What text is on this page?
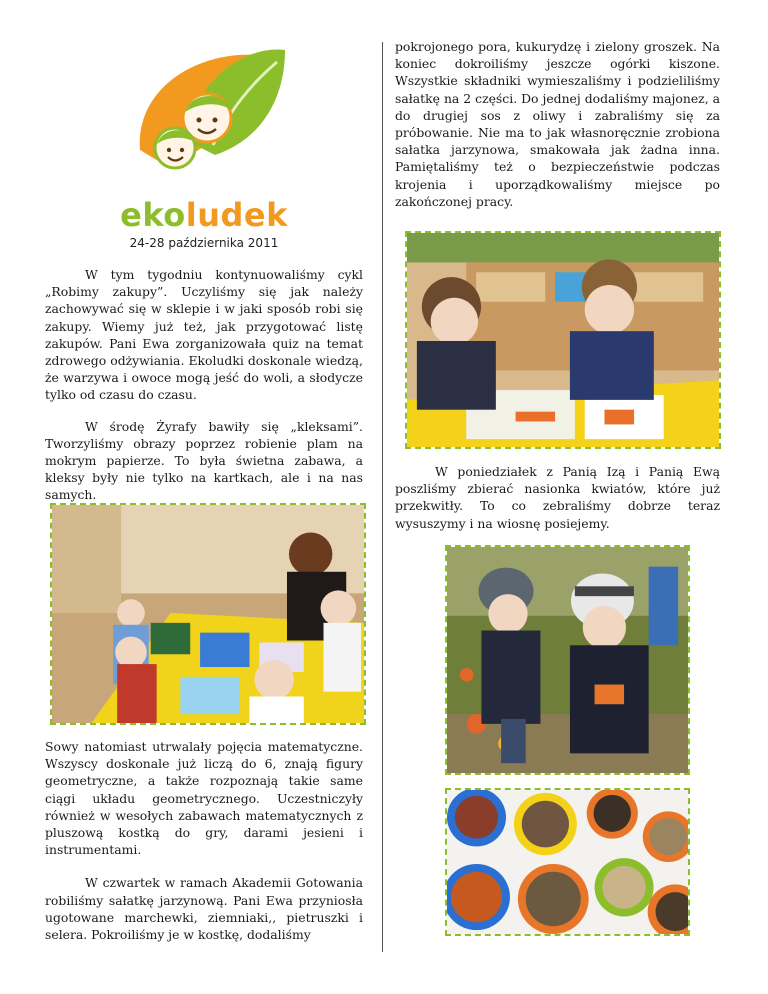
ekoludek
24-28 października 2011

W tym tygodniu kontynuowaliśmy cykl „Robimy zakupy”. Uczyliśmy się jak należy zachowywać się w sklepie i w jaki sposób robi się zakupy. Wiemy już też, jak przygotować listę zakupów. Pani Ewa zorganizowała quiz na temat zdrowego odżywiania. Ekoludki doskonale wiedzą, że warzywa i owoce mogą jeść do woli, a słodycze tylko od czasu do czasu.

W środę Żyrafy bawiły się „kleksami”. Tworzyliśmy obrazy poprzez robienie plam na mokrym papierze. To była świetna zabawa, a kleksy były nie tylko na kartkach, ale i na nas samych.

Sowy natomiast utrwalały pojęcia matematyczne. Wszyscy doskonale już liczą do 6, znają figury geometryczne, a także rozpoznają takie same ciągi układu geometrycznego. Uczestniczyły również w wesołych zabawach matematycznych z pluszową kostką do gry, darami jesieni i instrumentami.

W czwartek w ramach Akademii Gotowania robiliśmy sałatkę jarzynową. Pani Ewa przyniosła ugotowane marchewki, ziemniaki,, pietruszki i selera. Pokroiliśmy je w kostkę, dodaliśmy

pokrojonego pora, kukurydzę i zielony groszek. Na koniec dokroiliśmy jeszcze ogórki kiszone. Wszystkie składniki wymieszaliśmy i podzieliliśmy sałatkę na 2 części. Do jednej dodaliśmy majonez, a do drugiej sos z oliwy i zabraliśmy się za próbowanie. Nie ma to jak własnoręcznie zrobiona sałatka jarzynowa, smakowała jak żadna inna. Pamiętaliśmy też o bezpieczeństwie podczas krojenia i uporządkowaliśmy miejsce po zakończonej pracy.

W poniedziałek z Panią Izą i Panią Ewą poszliśmy zbierać nasionka kwiatów, które już przekwitły. To co zebraliśmy dobrze teraz wysuszymy i na wiosnę posiejemy.
